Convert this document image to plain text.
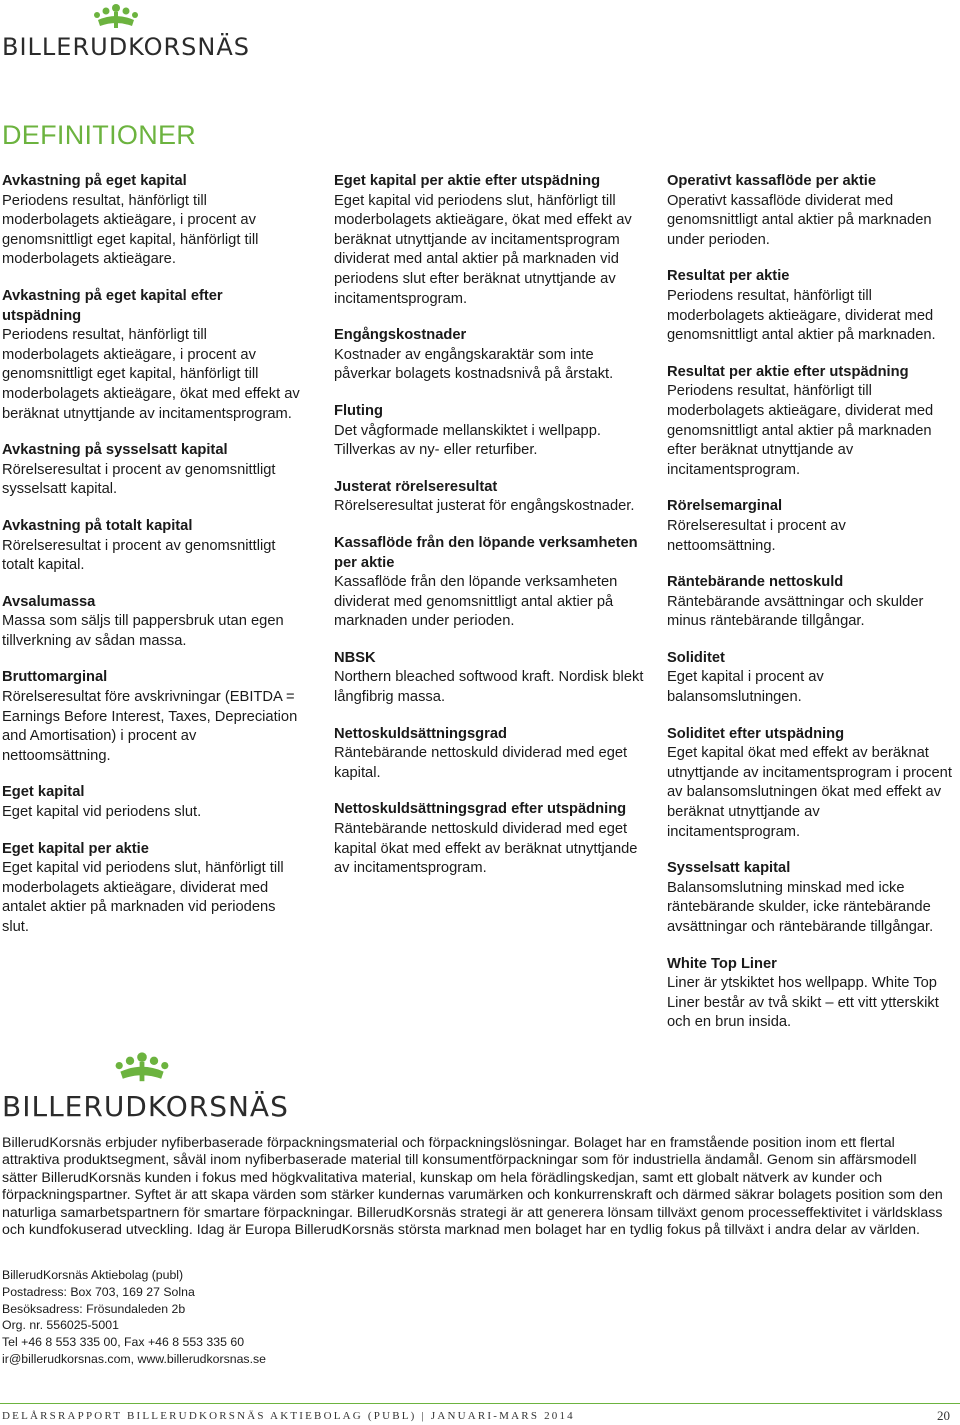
BILLERUDKORSNÄS
DEFINITIONER
Avkastning på eget kapital
Periodens resultat, hänförligt till moderbolagets aktieägare, i procent av genomsnittligt eget kapital, hänförligt till moderbolagets aktieägare.
Avkastning på eget kapital efter utspädning
Periodens resultat, hänförligt till moderbolagets aktieägare, i procent av genomsnittligt eget kapital, hänförligt till moderbolagets aktieägare, ökat med effekt av beräknat utnyttjande av incitamentsprogram.
Avkastning på sysselsatt kapital
Rörelseresultat i procent av genomsnittligt sysselsatt kapital.
Avkastning på totalt kapital
Rörelseresultat i procent av genomsnittligt totalt kapital.
Avsalumassa
Massa som säljs till pappersbruk utan egen tillverkning av sådan massa.
Bruttomarginal
Rörelseresultat före avskrivningar (EBITDA = Earnings Before Interest, Taxes, Depreciation and Amortisation) i procent av nettoomsättning.
Eget kapital
Eget kapital vid periodens slut.
Eget kapital per aktie
Eget kapital vid periodens slut, hänförligt till moderbolagets aktieägare, dividerat med antalet aktier på marknaden vid periodens slut.
Eget kapital per aktie efter utspädning
Eget kapital vid periodens slut, hänförligt till moderbolagets aktieägare, ökat med effekt av beräknat utnyttjande av incitamentsprogram dividerat med antal aktier på marknaden vid periodens slut efter beräknat utnyttjande av incitamentsprogram.
Engångskostnader
Kostnader av engångskaraktär som inte påverkar bolagets kostnadsnivå på årstakt.
Fluting
Det vågformade mellanskiktet i wellpapp. Tillverkas av ny- eller returfiber.
Justerat rörelseresultat
Rörelseresultat justerat för engångskostnader.
Kassaflöde från den löpande verksamheten per aktie
Kassaflöde från den löpande verksamheten dividerat med genomsnittligt antal aktier på marknaden under perioden.
NBSK
Northern bleached softwood kraft. Nordisk blekt långfibrig massa.
Nettoskuldsättningsgrad
Räntebärande nettoskuld dividerad med eget kapital.
Nettoskuldsättningsgrad efter utspädning
Räntebärande nettoskuld dividerad med eget kapital ökat med effekt av beräknat utnyttjande av incitamentsprogram.
Operativt kassaflöde per aktie
Operativt kassaflöde dividerat med genomsnittligt antal aktier på marknaden under perioden.
Resultat per aktie
Periodens resultat, hänförligt till moderbolagets aktieägare, dividerat med genomsnittligt antal aktier på marknaden.
Resultat per aktie efter utspädning
Periodens resultat, hänförligt till moderbolagets aktieägare, dividerat med genomsnittligt antal aktier på marknaden efter beräknat utnyttjande av incitamentsprogram.
Rörelsemarginal
Rörelseresultat i procent av nettoomsättning.
Räntebärande nettoskuld
Räntebärande avsättningar och skulder minus räntebärande tillgångar.
Soliditet
Eget kapital i procent av balansomslutningen.
Soliditet efter utspädning
Eget kapital ökat med effekt av beräknat utnyttjande av incitamentsprogram i procent av balansomslutningen ökat med effekt av beräknat utnyttjande av incitamentsprogram.
Sysselsatt kapital
Balansomslutning minskad med icke räntebärande skulder, icke räntebärande avsättningar och räntebärande tillgångar.
White Top Liner
Liner är ytskiktet hos wellpapp. White Top Liner består av två skikt – ett vitt ytterskikt och en brun insida.
BILLERUDKORSNÄS

BillerudKorsnäs erbjuder nyfiberbaserade förpackningsmaterial och förpackningslösningar. Bolaget har en framstående position inom ett flertal attraktiva produktsegment, såväl inom nyfiberbaserade material till konsumentförpackningar som för industriella ändamål. Genom sin affärsmodell sätter BillerudKorsnäs kunden i fokus med högkvalitativa material, kunskap om hela förädlingskedjan, samt ett globalt nätverk av kunder och förpackningspartner. Syftet är att skapa värden som stärker kundernas varumärken och konkurrenskraft och därmed säkrar bolagets position som den naturliga samarbetspartnern för smartare förpackningar. BillerudKorsnäs strategi är att generera lönsam tillväxt genom processeffektivitet i världsklass och kundfokuserad utveckling. Idag är Europa BillerudKorsnäs största marknad men bolaget har en tydlig fokus på tillväxt i andra delar av världen.

BillerudKorsnäs Aktiebolag (publ)
Postadress: Box 703, 169 27 Solna
Besöksadress: Frösundaleden 2b
Org. nr. 556025-5001
Tel +46 8 553 335 00, Fax +46 8 553 335 60
ir@billerudkorsnas.com, www.billerudkorsnas.se
DELÅRSRAPPORT BILLERUDKORSNÄS AKTIEBOLAG (PUBL) | JANUARI-MARS 2014	20
